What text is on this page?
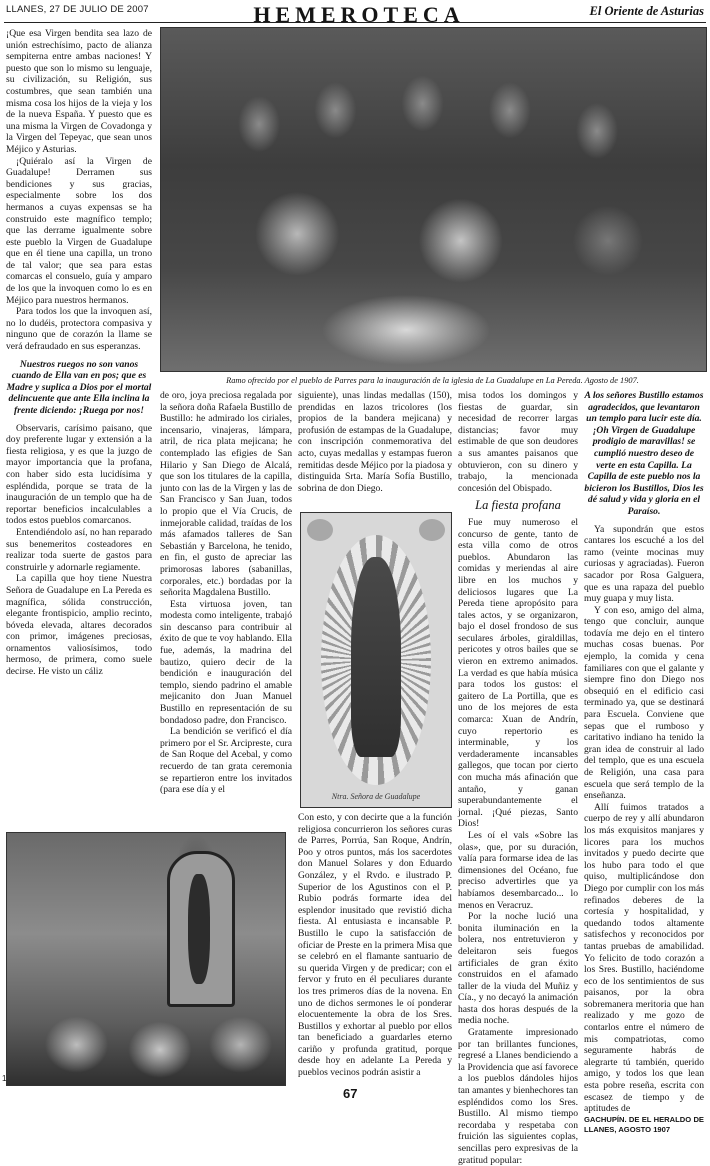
LLANES, 27 DE JULIO DE 2007	HEMEROTECA	El Oriente de Asturias

¡Que esa Virgen bendita sea lazo de unión estrechísimo, pacto de alianza sempiterna entre ambas naciones! Y puesto que son lo mismo su lenguaje, su civilización, su Religión, sus costumbres, que sean también una misma cosa los hijos de la vieja y los de la nueva España. Y puesto que es una misma la Virgen de Covadonga y la Virgen del Tepeyac, que sean unos Méjico y Asturias.

¡Quiéralo así la Virgen de Guadalupe! Derramen sus bendiciones y sus gracias, especialmente sobre los dos hermanos a cuyas expensas se ha construido este magnífico templo; que las derrame igualmente sobre este pueblo la Virgen de Guadalupe que en él tiene una capilla, un trono de tal valor; que sea para estas comarcas el consuelo, guía y amparo de los que la invoquen como lo es en Méjico para nuestros hermanos.

Para todos los que la invoquen así, no lo dudéis, protectora compasiva y ninguno que de corazón la llame se verá defraudado en sus esperanzas.

Nuestros ruegos no son vanos cuando de Ella van en pos; que es Madre y suplica a Dios por el mortal delincuente que ante Ella inclina la frente diciendo: ¡Ruega por nos!

Observaris, carísimo paisano, que doy preferente lugar y extensión a la fiesta religiosa, y es que la juzgo de mayor importancia que la profana, con haber sido esta lucidísima y espléndida, porque se trata de la inauguración de un templo que ha de reportar beneficios incalculables a todos estos pueblos comarcanos.

Entendiéndolo así, no han reparado sus benemeritos costeadores en realizar toda suerte de gastos para construirle y adornarle regiamente.

La capilla que hoy tiene Nuestra Señora de Guadalupe en La Pereda es magnífica, sólida construcción, elegante frontispicio, amplio recinto, bóveda elevada, altares decorados con primor, imágenes preciosas, ornamentos valiosísimos, todo hermoso, de primera, como suele decirse. He visto un cáliz

Ramo ofrecido por el pueblo de Parres para la inauguración de la iglesia de La Guadalupe en La Pereda. Agosto de 1907.

de oro, joya preciosa regalada por la señora doña Rafaela Bustillo de Bustillo: he admirado los ciriales, incensario, vinajeras, lámpara, atril, de rica plata mejicana; he contemplado las efigies de San Hilario y San Diego de Alcalá, que son los titulares de la capilla, junto con las de la Virgen y las de San Francisco y San Juan, todos lo propio que el Vía Crucis, de inmejorable calidad, traídas de los más afamados talleres de San Sebastián y Barcelona, he tenido, en fin, el gusto de apreciar las primorosas labores (sabanillas, corporales, etc.) bordadas por la señorita Magdalena Bustillo.

Esta virtuosa joven, tan modesta como inteligente, trabajó sin descanso para contribuir al éxito de que te voy hablando. Ella fue, además, la madrina del bautizo, quiero decir de la bendición e inauguración del templo, siendo padrino el amable mejicanito don Juan Manuel Bustillo en representación de su bondadoso padre, don Francisco.

La bendición se verificó el día primero por el Sr. Arcipreste, cura de San Roque del Acebal, y como recuerdo de tan grata ceremonia se repartieron entre los invitados (para ese día y el

siguiente), unas lindas medallas (150), prendidas en lazos tricolores (los propios de la bandera mejicana) y profusión de estampas de la Guadalupe, con inscripción conmemorativa del acto, cuyas medallas y estampas fueron remitidas desde Méjico por la piadosa y distinguida Srta. María Sofía Bustillo, sobrina de don Diego.

Ntra. Señora de Guadalupe

Con esto, y con decirte que a la función religiosa concurrieron los señores curas de Parres, Porrúa, San Roque, Andrín, Poo y otros puntos, más los sacerdotes don Manuel Solares y don Eduardo González, y el Rvdo. e ilustrado P. Superior de los Agustinos con el P. Rubio podrás formarte idea del esplendor inusitado que revistió dicha fiesta. Al entusiasta e incansable P. Bustillo le cupo la satisfacción de oficiar de Preste en la primera Misa que se celebró en el flamante santuario de su querida Virgen y de predicar; con el fervor y fruto en él peculiares durante los tres primeros días de la novena. En uno de dichos sermones le oí ponderar elocuentemente la obra de los Sres. Bustillos y exhortar al pueblo por ellos tan beneficiado a guardarles eterno cariño y profunda gratitud, porque desde hoy en adelante La Pereda y pueblos vecinos podrán asistir a

misa todos los domingos y fiestas de guardar, sin necesidad de recorrer largas distancias; favor muy estimable de que son deudores a sus amantes paisanos que obtuvieron, con su dinero y trabajo, la mencionada concesión del Obispado.

La fiesta profana

Fue muy numeroso el concurso de gente, tanto de esta villa como de otros pueblos. Abundaron las comidas y meriendas al aire libre en los muchos y deliciosos lugares que La Pereda tiene apropósito para tales actos, y se organizaron, bajo el dosel frondoso de sus seculares árboles, giraldillas, pericotes y otros bailes que se vieron en extremo animados. La verdad es que había música para todos los gustos: el gaitero de La Portilla, que es uno de los mejores de esta comarca: Xuan de Andrín, cuyo repertorio es interminable, y los verdaderamente incansables gallegos, que tocan por cierto con mucha más afinación que antaño, y ganan superabundantemente el jornal. ¡Qué piezas, Santo Dios!

Les oí el vals «Sobre las olas», que, por su duración, valía para formarse idea de las dimensiones del Océano, fue preciso advertirles que ya habíamos desembarcado... lo menos en Veracruz.

Por la noche lució una bonita iluminación en la bolera, nos entretuvieron y deleitaron seis fuegos artificiales de gran éxito construidos en el afamado taller de la viuda del Muñiz y Cía., y no decayó la animación hasta dos horas después de la media noche.

Gratamente impresionado por tan brillantes funciones, regresé a Llanes bendiciendo a la Providencia que así favorece a los pueblos dándoles hijos tan amantes y bienhechores tan espléndidos como los Sres. Bustillo. Al mismo tiempo recordaba y respetaba con fruición las siguientes coplas, sencillas pero expresivas de la gratitud popular:

A los señores Bustillo estamos agradecidos, que levantaron un templo para lucir este día. ¡Oh Virgen de Guadalupe prodigio de maravillas! se cumplió nuestro deseo de verte en esta Capilla. La Capilla de este pueblo nos la bicieron los Bustillos, Dios les dé salud y vida y gloria en el Paraíso.

Ya supondrán que estos cantares los escuché a los del ramo (veinte mocinas muy curiosas y agraciadas). Fueron sacador por Rosa Galguera, que es una rapaza del pueblo muy guapa y muy lista.

Y con eso, amigo del alma, tengo que concluir, aunque todavía me dejo en el tintero muchas cosas buenas. Por ejemplo, la comida y cena familiares con que el galante y siempre fino don Diego nos obsequió en el edificio casi terminado ya, que se destinará para Escuela. Conviene que sepas que el rumboso y caritativo indiano ha tenido la gran idea de construir al lado del templo, que es una escuela de Religión, una casa para escuela que será templo de la enseñanza.

Allí fuimos tratados a cuerpo de rey y allí abundaron los más exquisitos manjares y licores para los muchos invitados y puedo decirte que los hubo para todo el que quiso, multiplicándose don Diego por cumplir con los más refinados deberes de la cortesía y hospitalidad, y quedando todos altamente satisfechos y reconocidos por tantas pruebas de amabilidad. Yo felicito de todo corazón a los Sres. Bustillo, haciéndome eco de los sentimientos de sus paisanos, por la obra sobremanera meritoria que han realizado y me gozo de contarlos entre el número de mis compatriotas, como seguramente habrás de alegrarte tú también, querido amigo, y todos los que lean esta pobre reseña, escrita con escasez de tiempo y de aptitudes de

GACHUPÍN. DE EL HERALDO DE LLANES, AGOSTO 1907

1
67
